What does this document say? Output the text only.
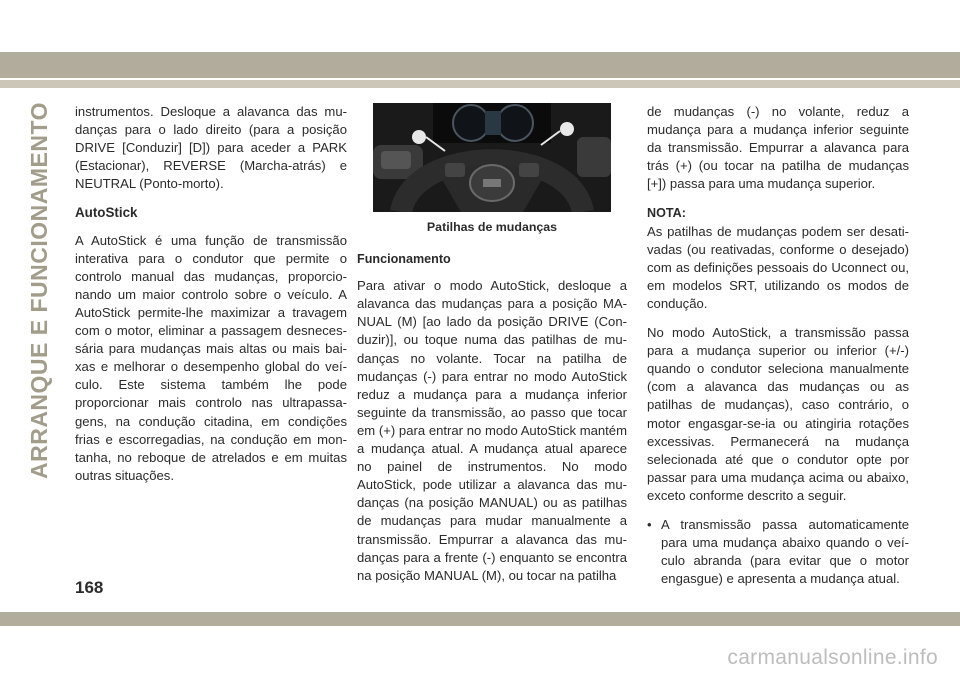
ARRANQUE E FUNCIONAMENTO instrumentos. Desloque a alavanca das mudanças para o lado direito (para a posição DRIVE [Conduzir] [D]) para aceder a PARK (Estacionar), REVERSE (Marcha-atrás) e NEUTRAL (Ponto-morto).

AutoStick

A AutoStick é uma função de transmissão interativa para o condutor que permite o controlo manual das mudanças, proporcionando um maior controlo sobre o veículo. A AutoStick permite-lhe maximizar a travagem com o motor, eliminar a passagem desnecessária para mudanças mais altas ou mais baixas e melhorar o desempenho global do veículo. Este sistema também lhe pode proporcionar mais controlo nas ultrapassagens, na condução citadina, em condições frias e escorregadias, na condução em montanha, no reboque de atrelados e em muitas outras situações.

Patilhas de mudanças
Funcionamento

Para ativar o modo AutoStick, desloque a alavanca das mudanças para a posição MANUAL (M) [ao lado da posição DRIVE (Conduzir)], ou toque numa das patilhas de mudanças no volante. Tocar na patilha de mudanças (-) para entrar no modo AutoStick reduz a mudança para a mudança inferior seguinte da transmissão, ao passo que tocar em (+) para entrar no modo AutoStick mantém a mudança atual. A mudança atual aparece no painel de instrumentos. No modo AutoStick, pode utilizar a alavanca das mudanças (na posição MANUAL) ou as patilhas de mudanças para mudar manualmente a transmissão. Empurrar a alavanca das mudanças para a frente (-) enquanto se encontra na posição MANUAL (M), ou tocar na patilha

de mudanças (-) no volante, reduz a mudança para a mudança inferior seguinte da transmissão. Empurrar a alavanca para trás (+) (ou tocar na patilha de mudanças [+]) passa para uma mudança superior.

NOTA:

As patilhas de mudanças podem ser desativadas (ou reativadas, conforme o desejado) com as definições pessoais do Uconnect ou, em modelos SRT, utilizando os modos de condução.

No modo AutoStick, a transmissão passa para a mudança superior ou inferior (+/-) quando o condutor seleciona manualmente (com a alavanca das mudanças ou as patilhas de mudanças), caso contrário, o motor engasgar-se-ia ou atingiria rotações excessivas. Permanecerá na mudança selecionada até que o condutor opte por passar para uma mudança acima ou abaixo, exceto conforme descrito a seguir.

• A transmissão passa automaticamente para uma mudança abaixo quando o veículo abranda (para evitar que o motor engasgue) e apresenta a mudança atual.
168
carmanualsonline.info
